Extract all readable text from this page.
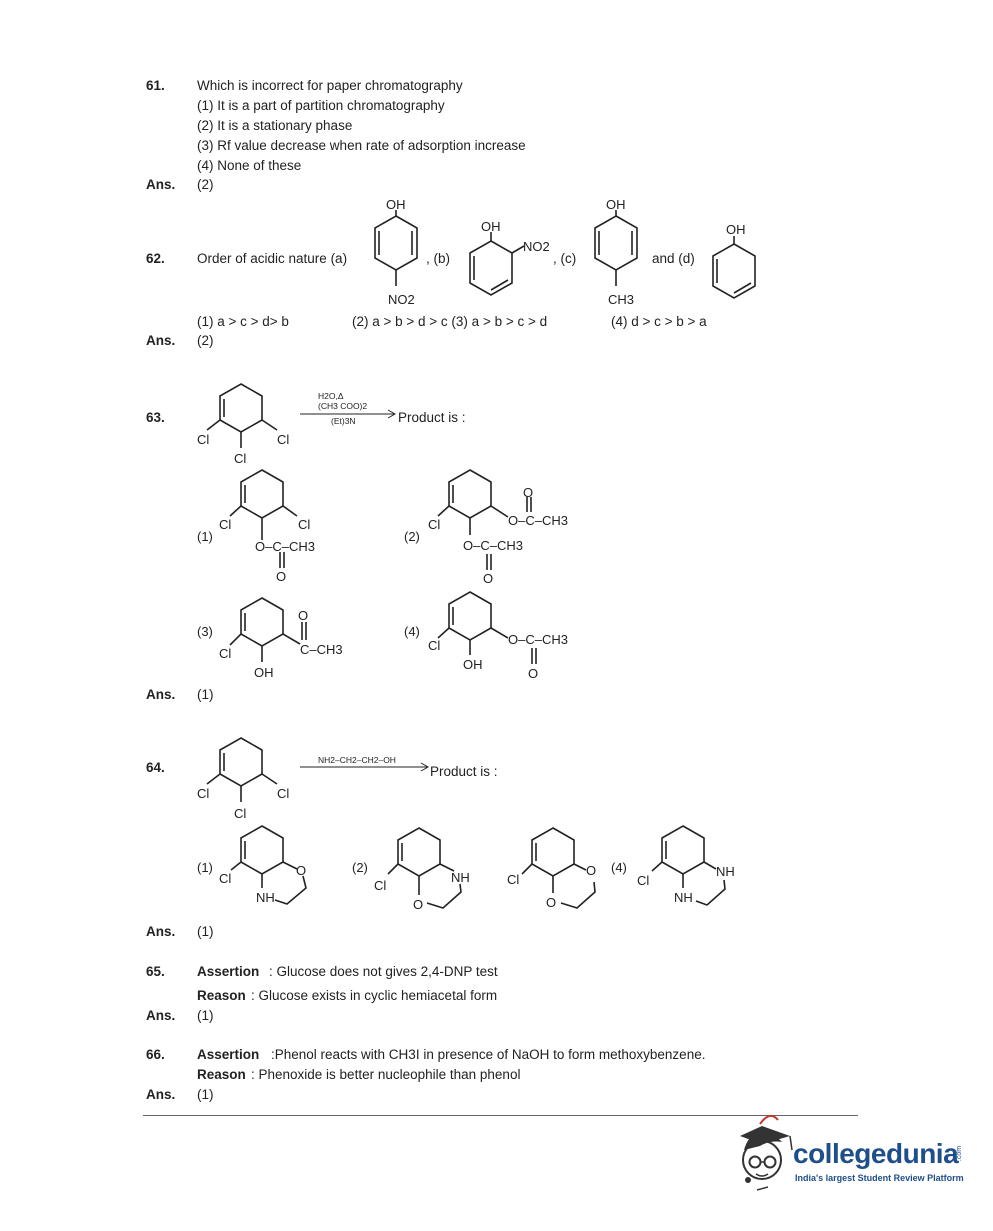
61. Which is incorrect for paper chromatography
(1) It is a part of partition chromatography
(2) It is a stationary phase
(3) Rf value decrease when rate of adsorption increase
(4) None of these
Ans. (2)
62. Order of acidic nature (a)	, (b)	, (c)	and (d)
OH
NO2
OH
NO2
OH
CH3
OH
(1) a > c > d> b	(2) a > b > d > c (3) a > b > c > d	(4) d > c > b > a
Ans. (2)
63.	Product is :
Cl	Cl
Cl
H2O,Δ
(CH3 COO)2
(Et)3N
Cl	Cl
O–C–CH3
O
(1)
Cl
O
O–C–CH3
O–C–CH3
O
(2)
O
C–CH3
Cl
OH
(3)
Cl	O–C–CH3
OH
O
(4)
Ans. (1)
64.	Product is :
Cl	Cl
Cl
NH2–CH2–CH2–OH
O
Cl
NH
(1)
NH
Cl
O
(2)	O
Cl
O
NH
Cl
NH
(4)
Ans. (1)
65. Assertion : Glucose does not gives 2,4-DNP test
Reason : Glucose exists in cyclic hemiacetal form
Ans. (1)
66. Assertion :Phenol reacts with CH3I in presence of NaOH to form methoxybenzene.
Reason : Phenoxide is better nucleophile than phenol
Ans. (1)
collegedunia
.com
India's largest Student Review Platform
